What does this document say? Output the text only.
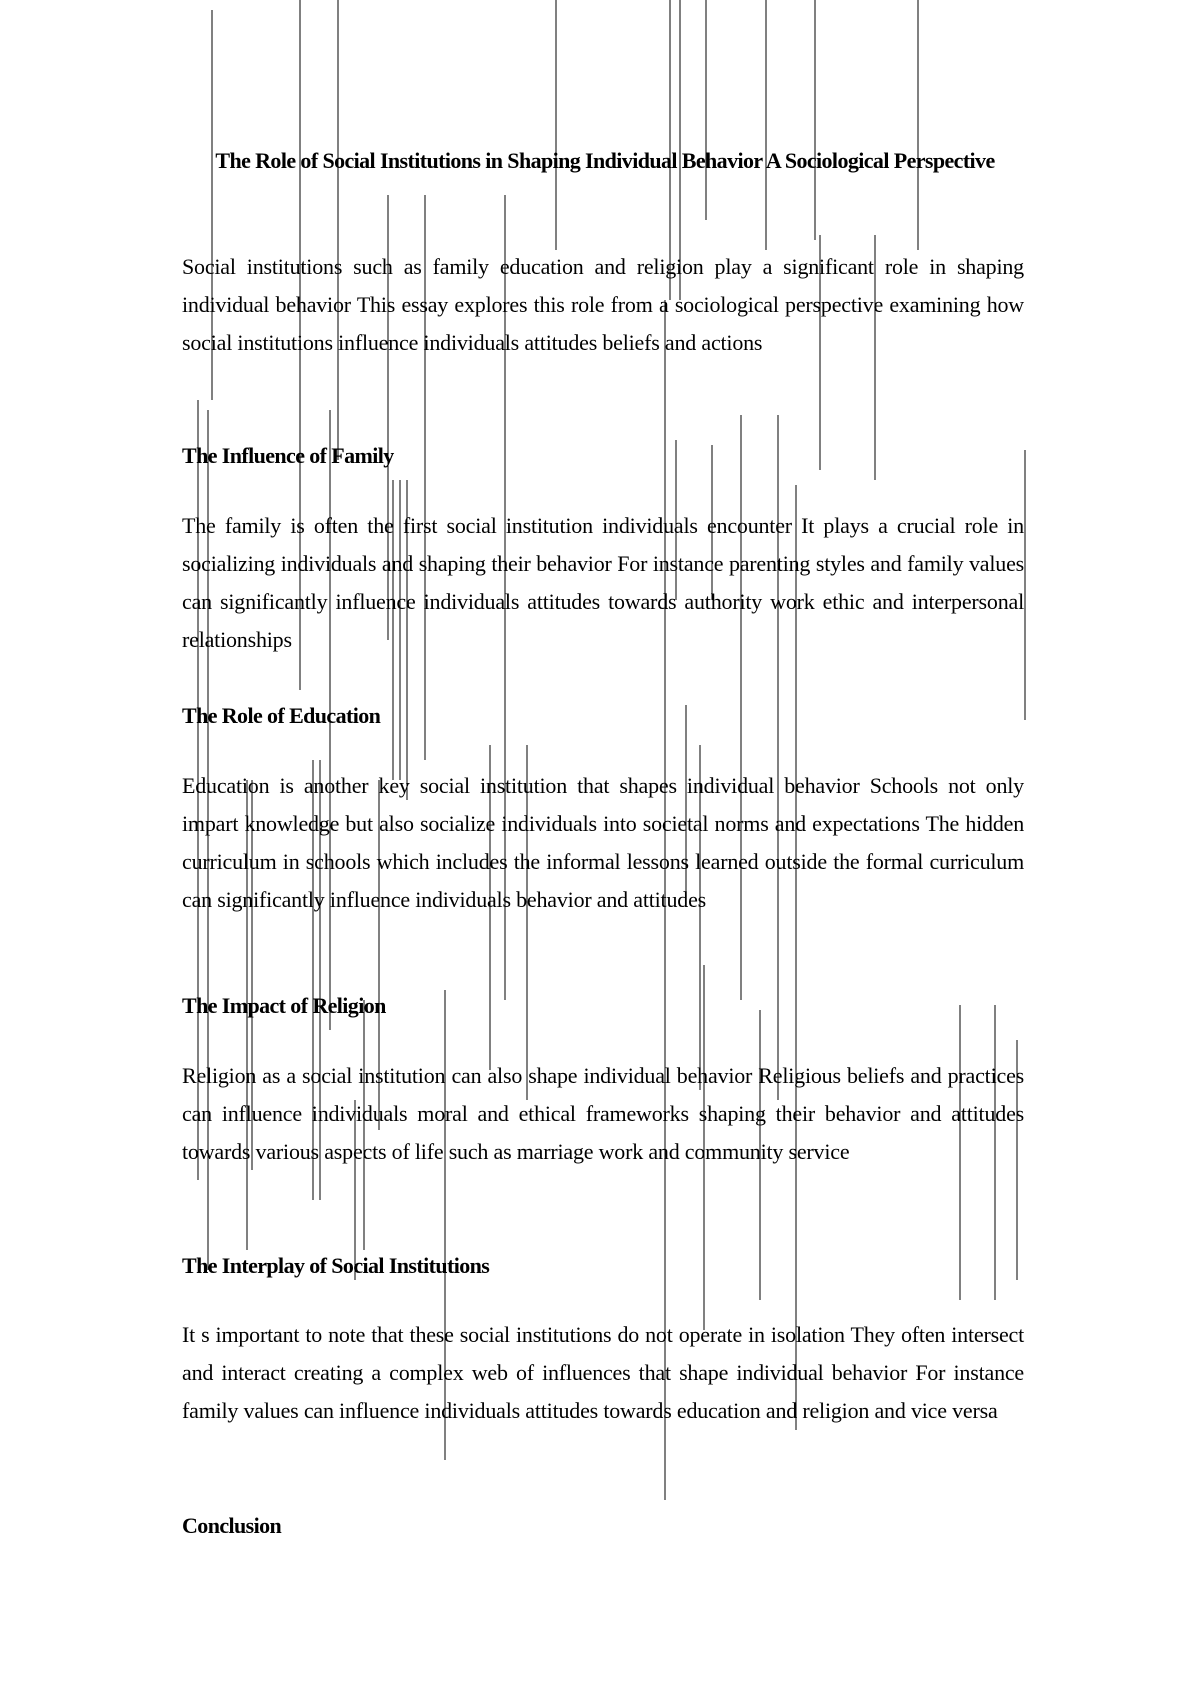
The Role of Social Institutions in Shaping Individual Behavior A Sociological Perspective

Social institutions such as family education and religion play a significant role in shaping individual behavior This essay explores this role from a sociological perspective examining how social institutions influence individuals attitudes beliefs and actions

The Influence of Family

The family is often the first social institution individuals encounter It plays a crucial role in socializing individuals and shaping their behavior For instance parenting styles and family values can significantly influence individuals attitudes towards authority work ethic and interpersonal relationships

The Role of Education

Education is another key social institution that shapes individual behavior Schools not only impart knowledge but also socialize individuals into societal norms and expectations The hidden curriculum in schools which includes the informal lessons learned outside the formal curriculum can significantly influence individuals behavior and attitudes

The Impact of Religion

Religion as a social institution can also shape individual behavior Religious beliefs and practices can influence individuals moral and ethical frameworks shaping their behavior and attitudes towards various aspects of life such as marriage work and community service

The Interplay of Social Institutions

It s important to note that these social institutions do not operate in isolation They often intersect and interact creating a complex web of influences that shape individual behavior For instance family values can influence individuals attitudes towards education and religion and vice versa

Conclusion
